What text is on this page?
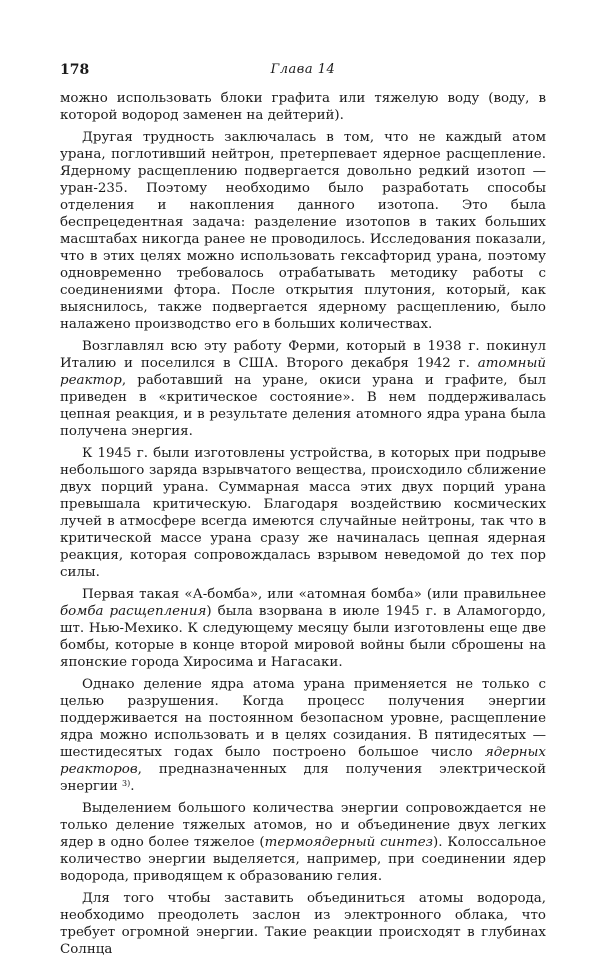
178	Глава 14

можно использовать блоки графита или тяжелую воду (воду, в которой водород заменен на дейтерий).

Другая трудность заключалась в том, что не каждый атом урана, поглотивший нейтрон, претерпевает ядерное расщепление. Ядерному расщеплению подвергается довольно редкий изотоп — уран-235. Поэтому необходимо было разработать способы отделения и накопления данного изотопа. Это была беспрецедентная задача: разделение изотопов в таких больших масштабах никогда ранее не проводилось. Исследования показали, что в этих целях можно использовать гексафторид урана, поэтому одновременно требовалось отрабатывать методику работы с соединениями фтора. После открытия плутония, который, как выяснилось, также подвергается ядерному расщеплению, было налажено производство его в больших количествах.

Возглавлял всю эту работу Ферми, который в 1938 г. покинул Италию и поселился в США. Второго декабря 1942 г. атомный реактор, работавший на уране, окиси урана и графите, был приведен в «критическое состояние». В нем поддерживалась цепная реакция, и в результате деления атомного ядра урана была получена энергия.

К 1945 г. были изготовлены устройства, в которых при подрыве небольшого заряда взрывчатого вещества, происходило сближение двух порций урана. Суммарная масса этих двух порций урана превышала критическую. Благодаря воздействию космических лучей в атмосфере всегда имеются случайные нейтроны, так что в критической массе урана сразу же начиналась цепная ядерная реакция, которая сопровождалась взрывом неведомой до тех пор силы.

Первая такая «А-бомба», или «атомная бомба» (или правильнее бомба расщепления) была взорвана в июле 1945 г. в Аламогордо, шт. Нью-Мехико. К следующему месяцу были изготовлены еще две бомбы, которые в конце второй мировой войны были сброшены на японские города Хиросима и Нагасаки.

Однако деление ядра атома урана применяется не только с целью разрушения. Когда процесс получения энергии поддерживается на постоянном безопасном уровне, расщепление ядра можно использовать и в целях созидания. В пятидесятых — шестидесятых годах было построено большое число ядерных реакторов, предназначенных для получения электрической энергии $^{3)}$.

Выделением большого количества энергии сопровождается не только деление тяжелых атомов, но и объединение двух легких ядер в одно более тяжелое (термоядерный синтез). Колоссальное количество энергии выделяется, например, при соединении ядер водорода, приводящем к образованию гелия.

Для того чтобы заставить объединиться атомы водорода, необходимо преодолеть заслон из электронного облака, что требует огромной энергии. Такие реакции происходят в глубинах Солнца
